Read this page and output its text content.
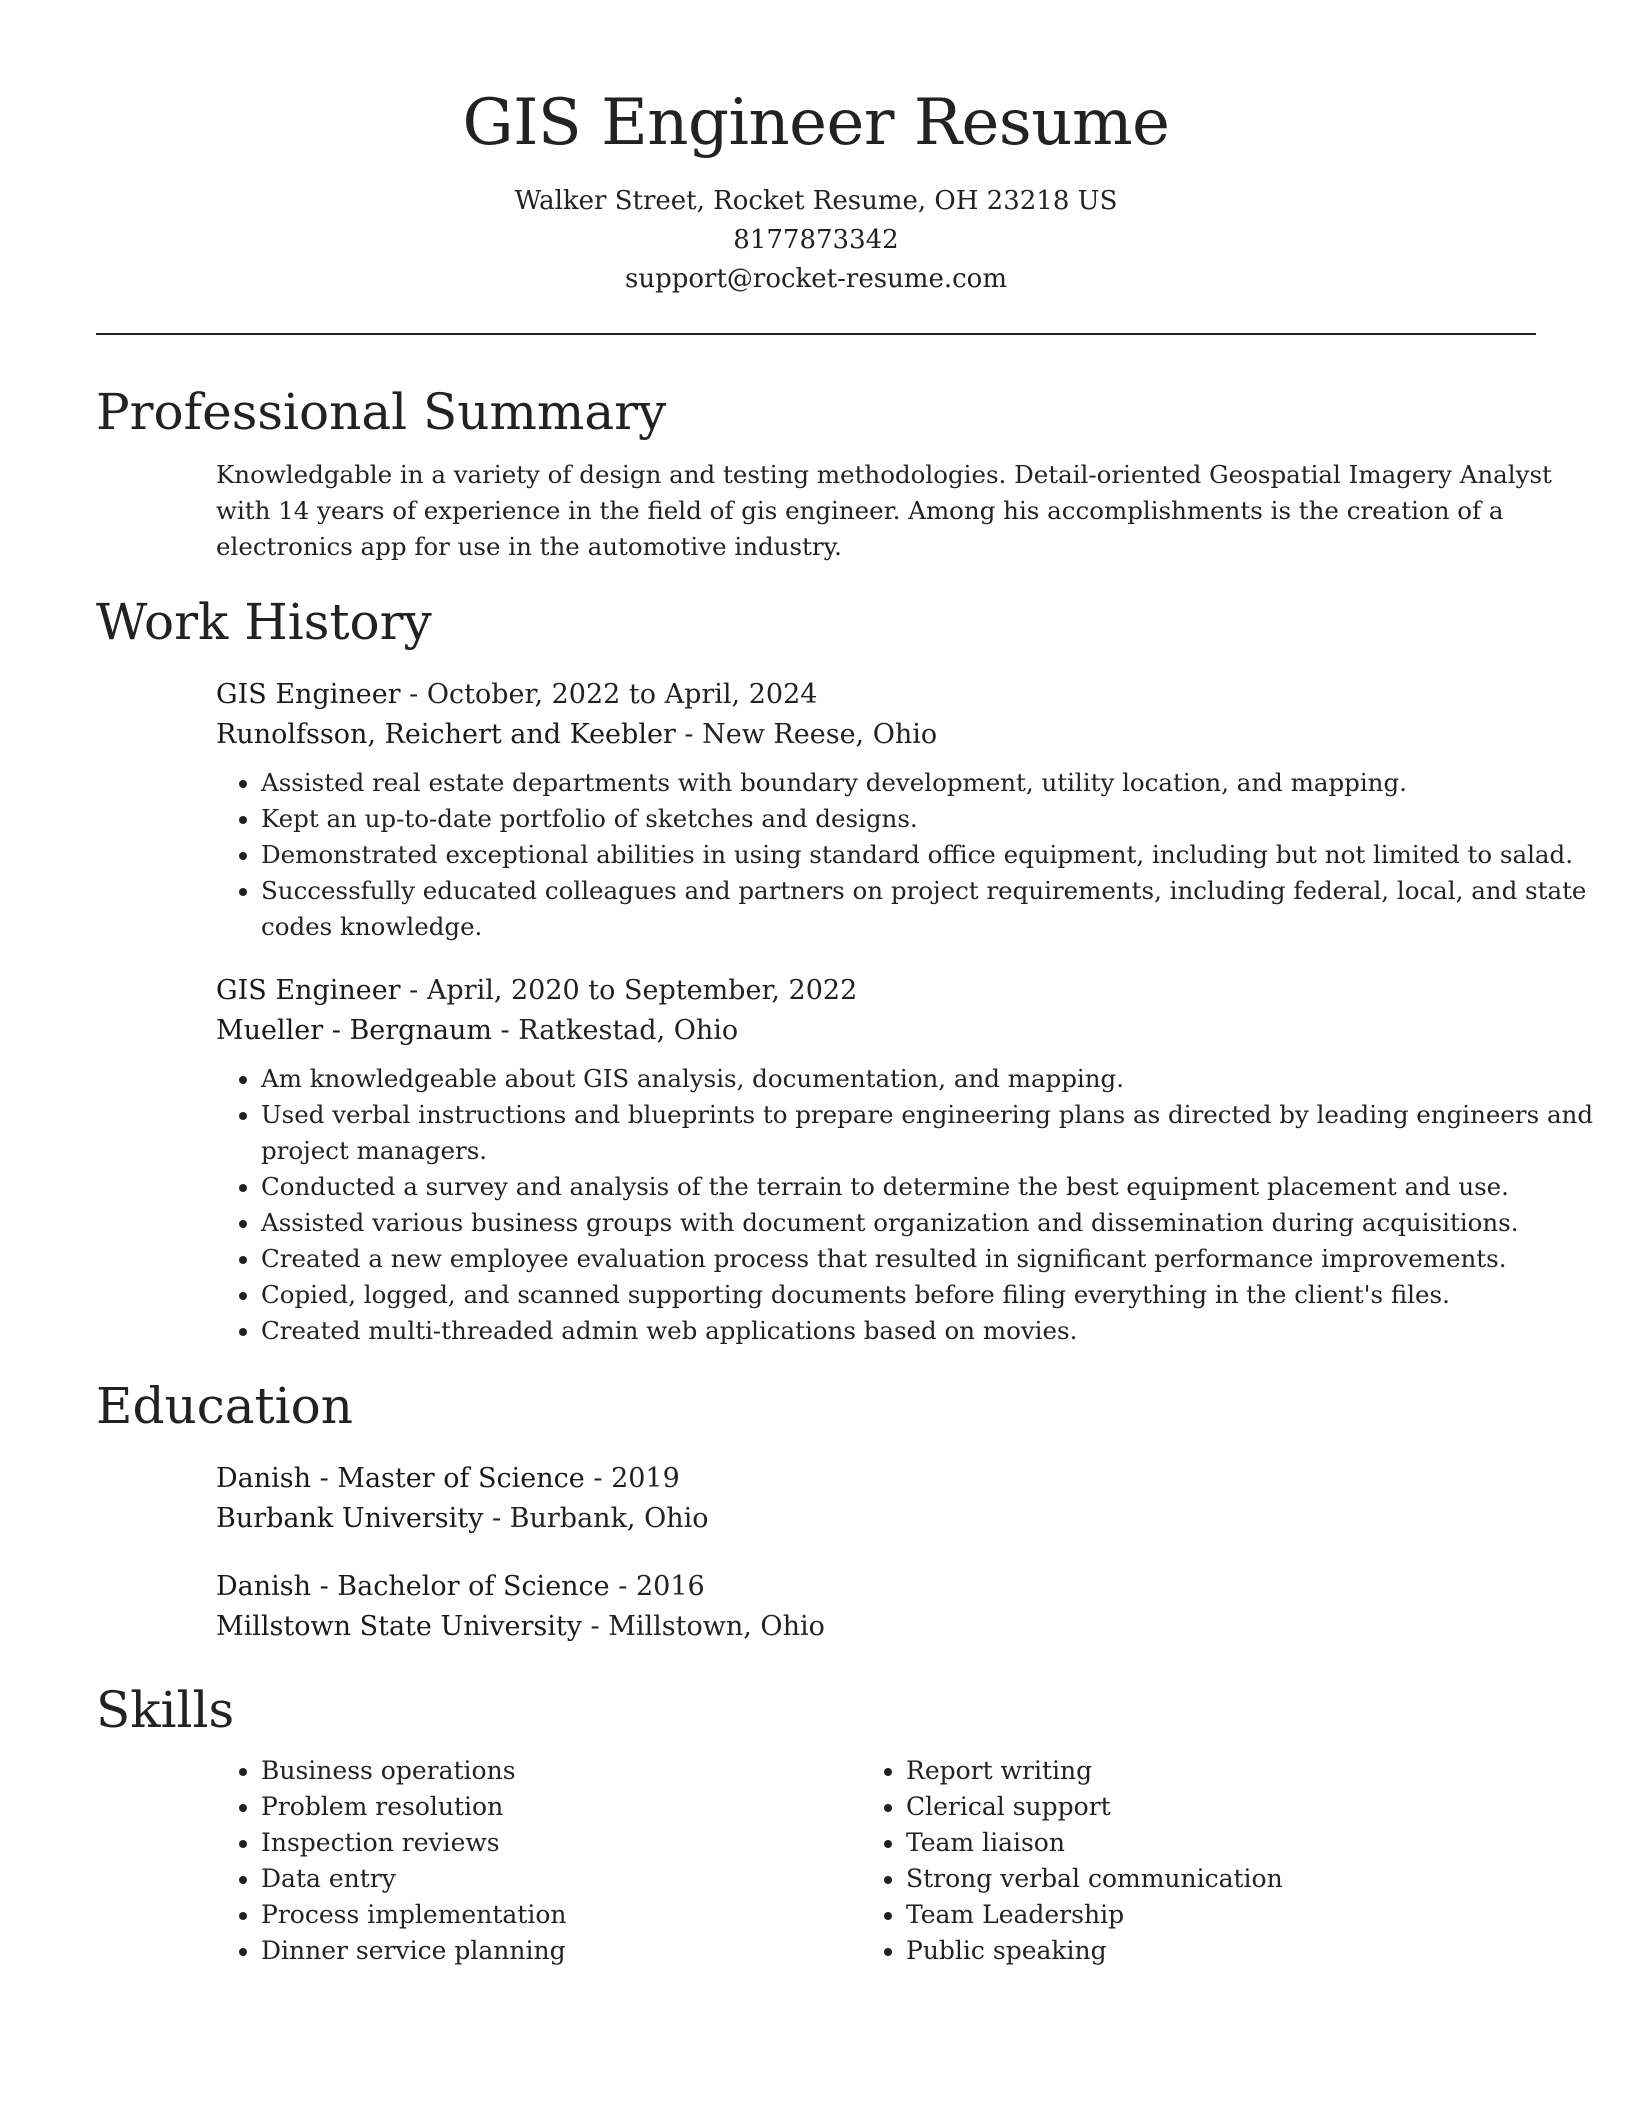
GIS Engineer Resume

Walker Street, Rocket Resume, OH 23218 US

8177873342

support@rocket-resume.com

Professional Summary

Knowledgable in a variety of design and testing methodologies. Detail-oriented Geospatial Imagery Analyst with 14 years of experience in the field of gis engineer. Among his accomplishments is the creation of a electronics app for use in the automotive industry.

Work History

GIS Engineer - October, 2022 to April, 2024

Runolfsson, Reichert and Keebler - New Reese, Ohio

• Assisted real estate departments with boundary development, utility location, and mapping.
• Kept an up-to-date portfolio of sketches and designs.
• Demonstrated exceptional abilities in using standard office equipment, including but not limited to salad.
• Successfully educated colleagues and partners on project requirements, including federal, local, and state codes knowledge.

GIS Engineer - April, 2020 to September, 2022

Mueller - Bergnaum - Ratkestad, Ohio

• Am knowledgeable about GIS analysis, documentation, and mapping.
• Used verbal instructions and blueprints to prepare engineering plans as directed by leading engineers and project managers.
• Conducted a survey and analysis of the terrain to determine the best equipment placement and use.
• Assisted various business groups with document organization and dissemination during acquisitions.
• Created a new employee evaluation process that resulted in significant performance improvements.
• Copied, logged, and scanned supporting documents before filing everything in the client's files.
• Created multi-threaded admin web applications based on movies.
Education

Danish - Master of Science - 2019

Burbank University - Burbank, Ohio

Danish - Bachelor of Science - 2016

Millstown State University - Millstown, Ohio

Skills
• Business operations
• Problem resolution
• Inspection reviews
• Data entry
• Process implementation
• Dinner service planning
• Report writing
• Clerical support
• Team liaison
• Strong verbal communication
• Team Leadership
• Public speaking
